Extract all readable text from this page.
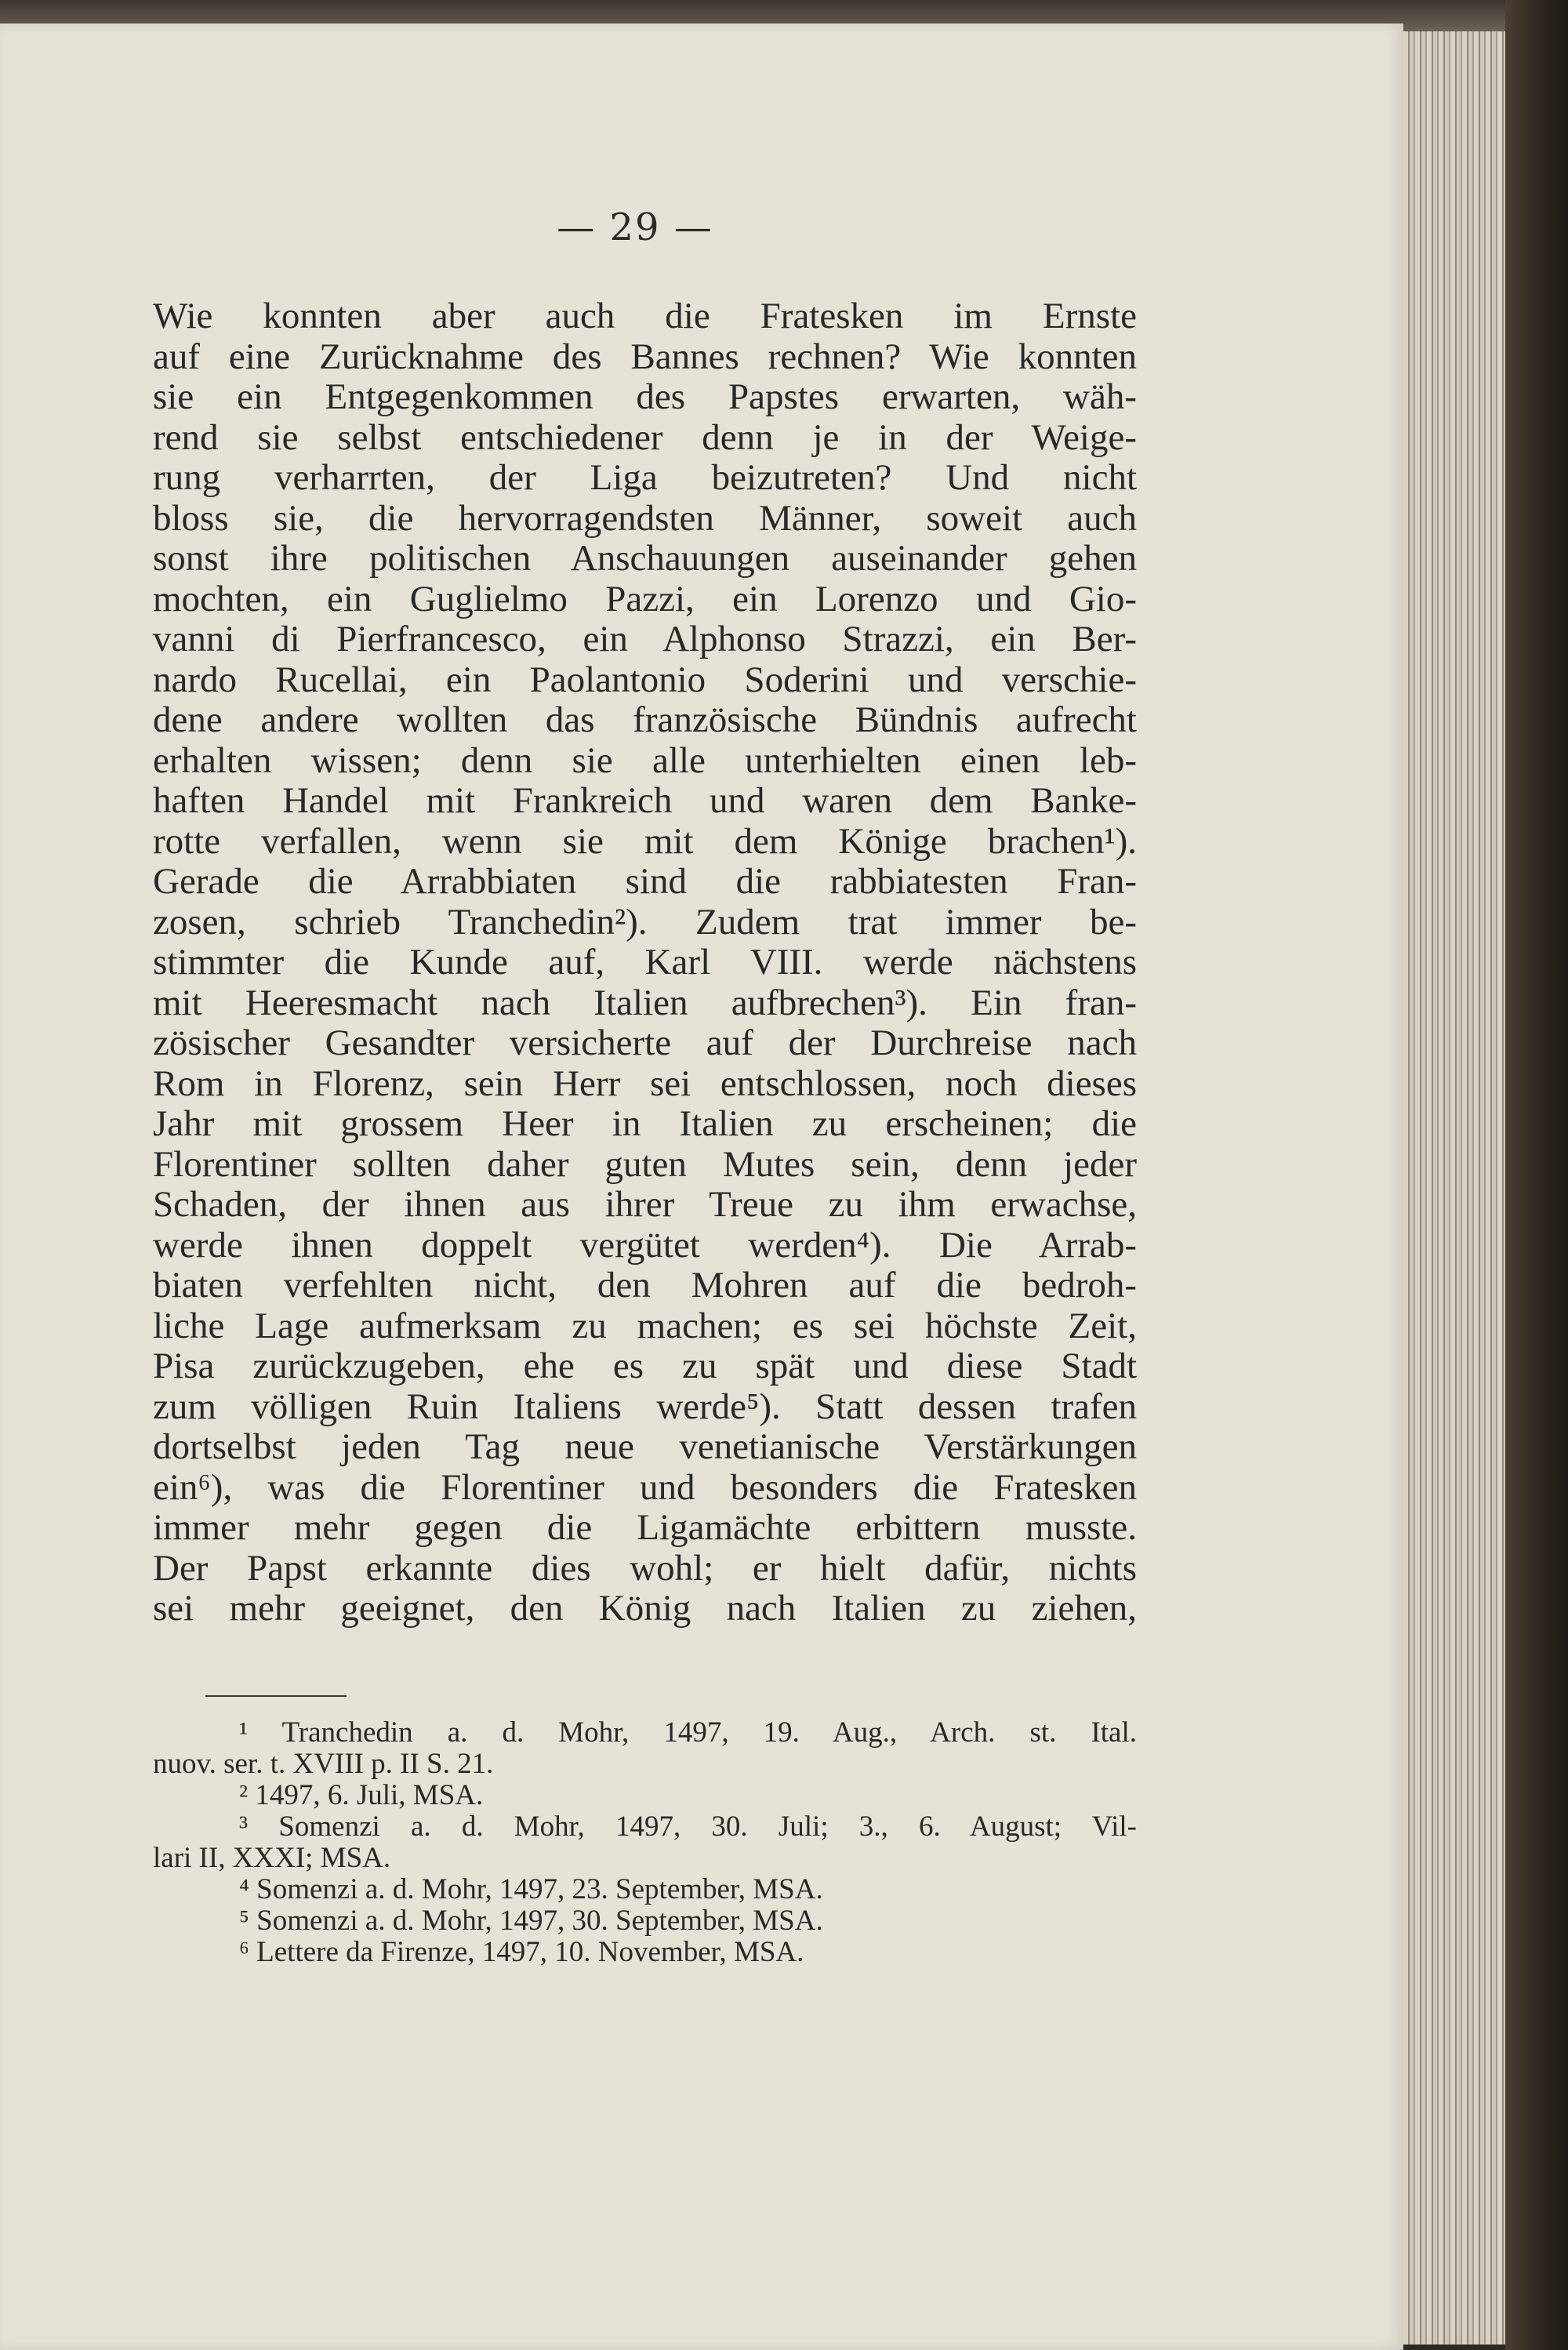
— 29 —
Wie konnten aber auch die Fratesken im Ernste
auf eine Zurücknahme des Bannes rechnen? Wie konnten
sie ein Entgegenkommen des Papstes erwarten, wäh-
rend sie selbst entschiedener denn je in der Weige-
rung verharrten, der Liga beizutreten? Und nicht
bloss sie, die hervorragendsten Männer, soweit auch
sonst ihre politischen Anschauungen auseinander gehen
mochten, ein Guglielmo Pazzi, ein Lorenzo und Gio-
vanni di Pierfrancesco, ein Alphonso Strazzi, ein Ber-
nardo Rucellai, ein Paolantonio Soderini und verschie-
dene andere wollten das französische Bündnis aufrecht
erhalten wissen; denn sie alle unterhielten einen leb-
haften Handel mit Frankreich und waren dem Banke-
rotte verfallen, wenn sie mit dem Könige brachen¹).
Gerade die Arrabbiaten sind die rabbiatesten Fran-
zosen, schrieb Tranchedin²). Zudem trat immer be-
stimmter die Kunde auf, Karl VIII. werde nächstens
mit Heeresmacht nach Italien aufbrechen³). Ein fran-
zösischer Gesandter versicherte auf der Durchreise nach
Rom in Florenz, sein Herr sei entschlossen, noch dieses
Jahr mit grossem Heer in Italien zu erscheinen; die
Florentiner sollten daher guten Mutes sein, denn jeder
Schaden, der ihnen aus ihrer Treue zu ihm erwachse,
werde ihnen doppelt vergütet werden⁴). Die Arrab-
biaten verfehlten nicht, den Mohren auf die bedroh-
liche Lage aufmerksam zu machen; es sei höchste Zeit,
Pisa zurückzugeben, ehe es zu spät und diese Stadt
zum völligen Ruin Italiens werde⁵). Statt dessen trafen
dortselbst jeden Tag neue venetianische Verstärkungen
ein⁶), was die Florentiner und besonders die Fratesken
immer mehr gegen die Ligamächte erbittern musste.
Der Papst erkannte dies wohl; er hielt dafür, nichts
sei mehr geeignet, den König nach Italien zu ziehen,
¹ Tranchedin a. d. Mohr, 1497, 19. Aug., Arch. st. Ital.
nuov. ser. t. XVIII p. II S. 21.
² 1497, 6. Juli, MSA.
³ Somenzi a. d. Mohr, 1497, 30. Juli; 3., 6. August; Vil-
lari II, XXXI; MSA.
⁴ Somenzi a. d. Mohr, 1497, 23. September, MSA.
⁵ Somenzi a. d. Mohr, 1497, 30. September, MSA.
⁶ Lettere da Firenze, 1497, 10. November, MSA.
